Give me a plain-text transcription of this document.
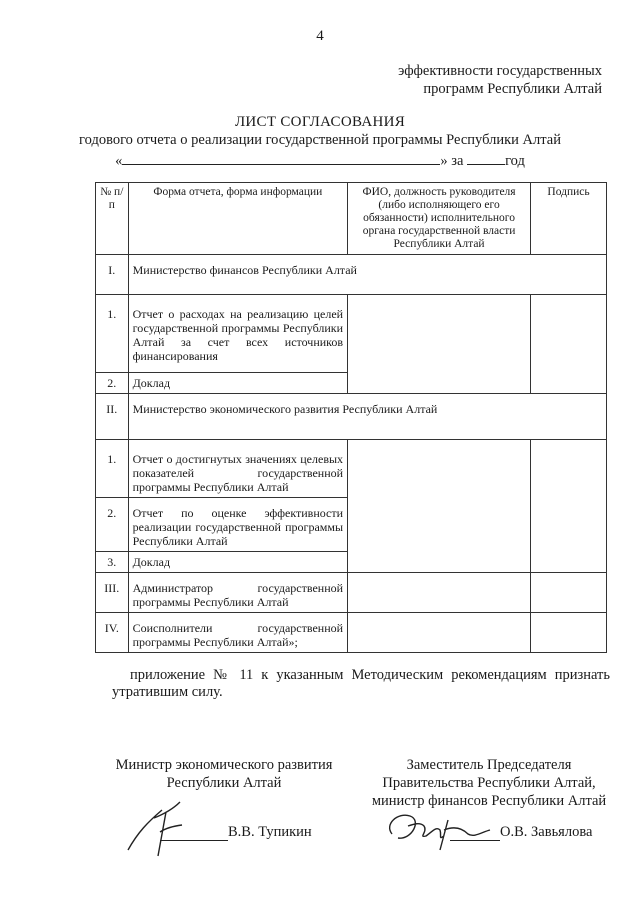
4
эффективности государственных
программ Республики Алтай
ЛИСТ СОГЛАСОВАНИЯ
годового отчета о реализации государственной программы Республики Алтай
«	» за	год
№ п/п	Форма отчета, форма информации	ФИО, должность руководителя (либо исполняющего его обязанности) исполнительного органа государственной власти Республики Алтай	Подпись
I.	Министерство финансов Республики Алтай		
1.	Отчет о расходах на реализацию целей государственной программы Республики Алтай за счет всех источников финансирования		
2.	Доклад		
II.	Министерство экономического развития Республики Алтай		
1.	Отчет о достигнутых значениях целевых показателей государственной программы Республики Алтай		
2.	Отчет по оценке эффективности реализации государственной программы Республики Алтай		
3.	Доклад		
III.	Администратор государственной программы Республики Алтай		
IV.	Соисполнители государственной программы Республики Алтай»;		
приложение № 11 к указанным Методическим рекомендациям признать
утратившим силу.
Министр экономического развития
Республики Алтай
Заместитель Председателя
Правительства Республики Алтай,
министр финансов Республики Алтай
В.В. Тупикин	О.В. Завьялова
